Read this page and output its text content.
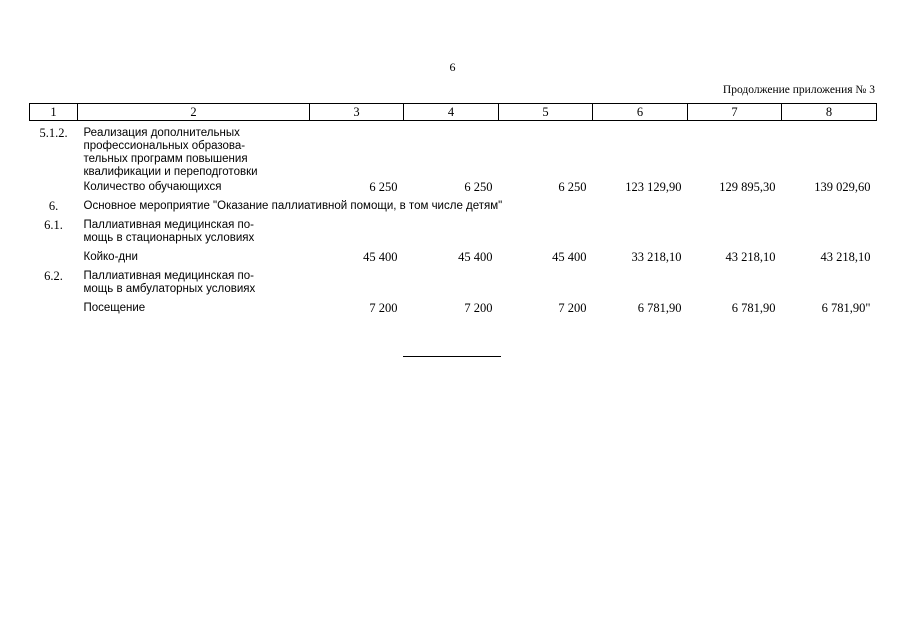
6
Продолжение приложения № 3
1	2	3	4	5	6	7	8
5.1.2.	Реализация дополнительных
профессиональных образова-
тельных программ повышения
квалификации и переподготовки						
	Количество обучающихся	6 250	6 250	6 250	123 129,90	129 895,30	139 029,60
6.	Основное мероприятие "Оказание паллиативной помощи, в том числе детям"						
6.1.	Паллиативная медицинская по-
мощь в стационарных условиях						
	Койко-дни	45 400	45 400	45 400	33 218,10	43 218,10	43 218,10
6.2.	Паллиативная медицинская по-
мощь в амбулаторных условиях						
	Посещение	7 200	7 200	7 200	6 781,90	6 781,90	6 781,90"
